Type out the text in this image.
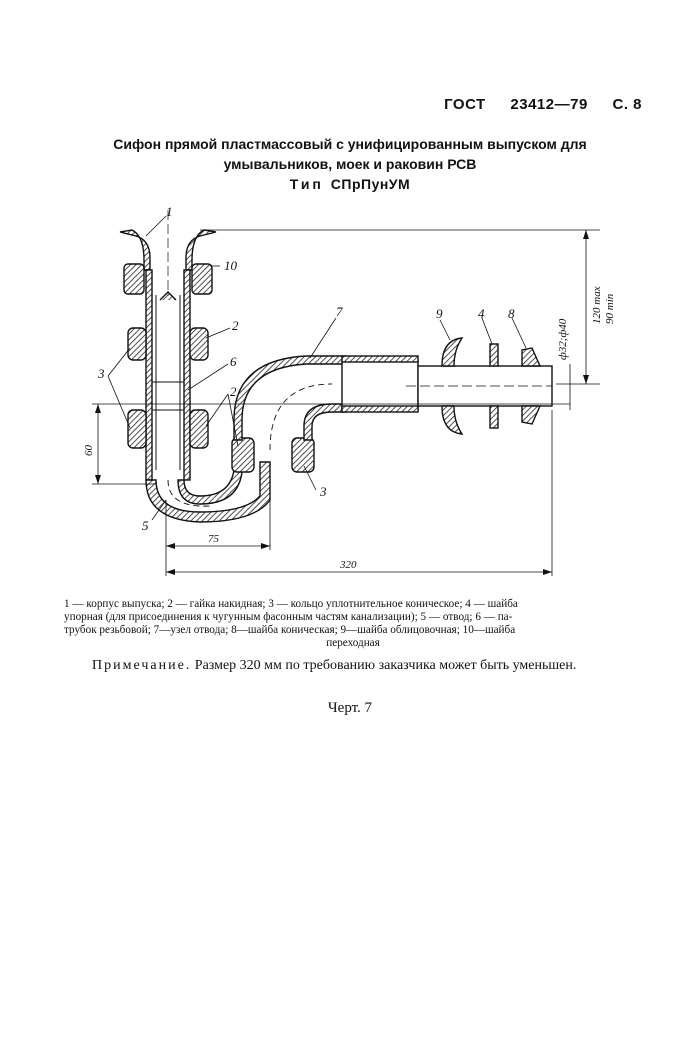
ГОСТ 23412—79 С. 8
Сифон прямой пластмассовый с унифицированным выпуском для
умывальников, моек и раковин РСВ
Тип СПрПунУМ
1
10
2
6
3
2
7	9	4 8
3
5
120 max 90 min
ф32;ф40
60
75
320
1 — корпус выпуска; 2 — гайка накидная; 3 — кольцо уплотнительное коническое; 4 — шайба
упорная (для присоединения к чугунным фасонным частям канализации); 5 — отвод; 6 — па-
трубок резьбовой; 7—узел отвода; 8—шайба коническая; 9—шайба облицовочная; 10—шайба
переходная
Примечание. Размер 320 мм по требованию заказчика может быть уменьшен.
Черт. 7
